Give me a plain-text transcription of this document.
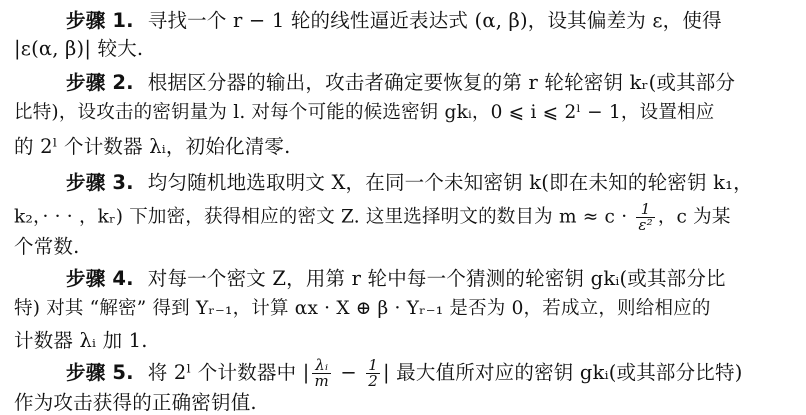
步骤 1. 寻找一个 r − 1 轮的线性逼近表达式 (α, β)，设其偏差为 ε，使得
|ε(α, β)| 较大.
步骤 2. 根据区分器的输出，攻击者确定要恢复的第 r 轮轮密钥 kᵣ(或其部分
比特)，设攻击的密钥量为 l. 对每个可能的候选密钥 gkᵢ，0 ⩽ i ⩽ 2ˡ − 1，设置相应
的 2ˡ 个计数器 λᵢ，初始化清零.
步骤 3. 均匀随机地选取明文 X，在同一个未知密钥 k(即在未知的轮密钥 k₁，
k₂，· · · ，kᵣ) 下加密，获得相应的密文 Z. 这里选择明文的数目为 $m \approx c \cdot \frac{1}{\text{ε²}}$ ，c 为某
个常数.
步骤 4. 对每一个密文 Z，用第 r 轮中每一个猜测的轮密钥 gkᵢ(或其部分比
特) 对其 “解密” 得到 Yᵣ₋₁，计算 αx · X ⊕ β · Yᵣ₋₁ 是否为 0，若成立，则给相应的
计数器 λᵢ 加 1.
步骤 5. 将 2ˡ 个计数器中 | $\frac{\text{λᵢ}}{m} - \frac{1}{2}$ | 最大值所对应的密钥 gkᵢ(或其部分比特)
作为攻击获得的正确密钥值.
